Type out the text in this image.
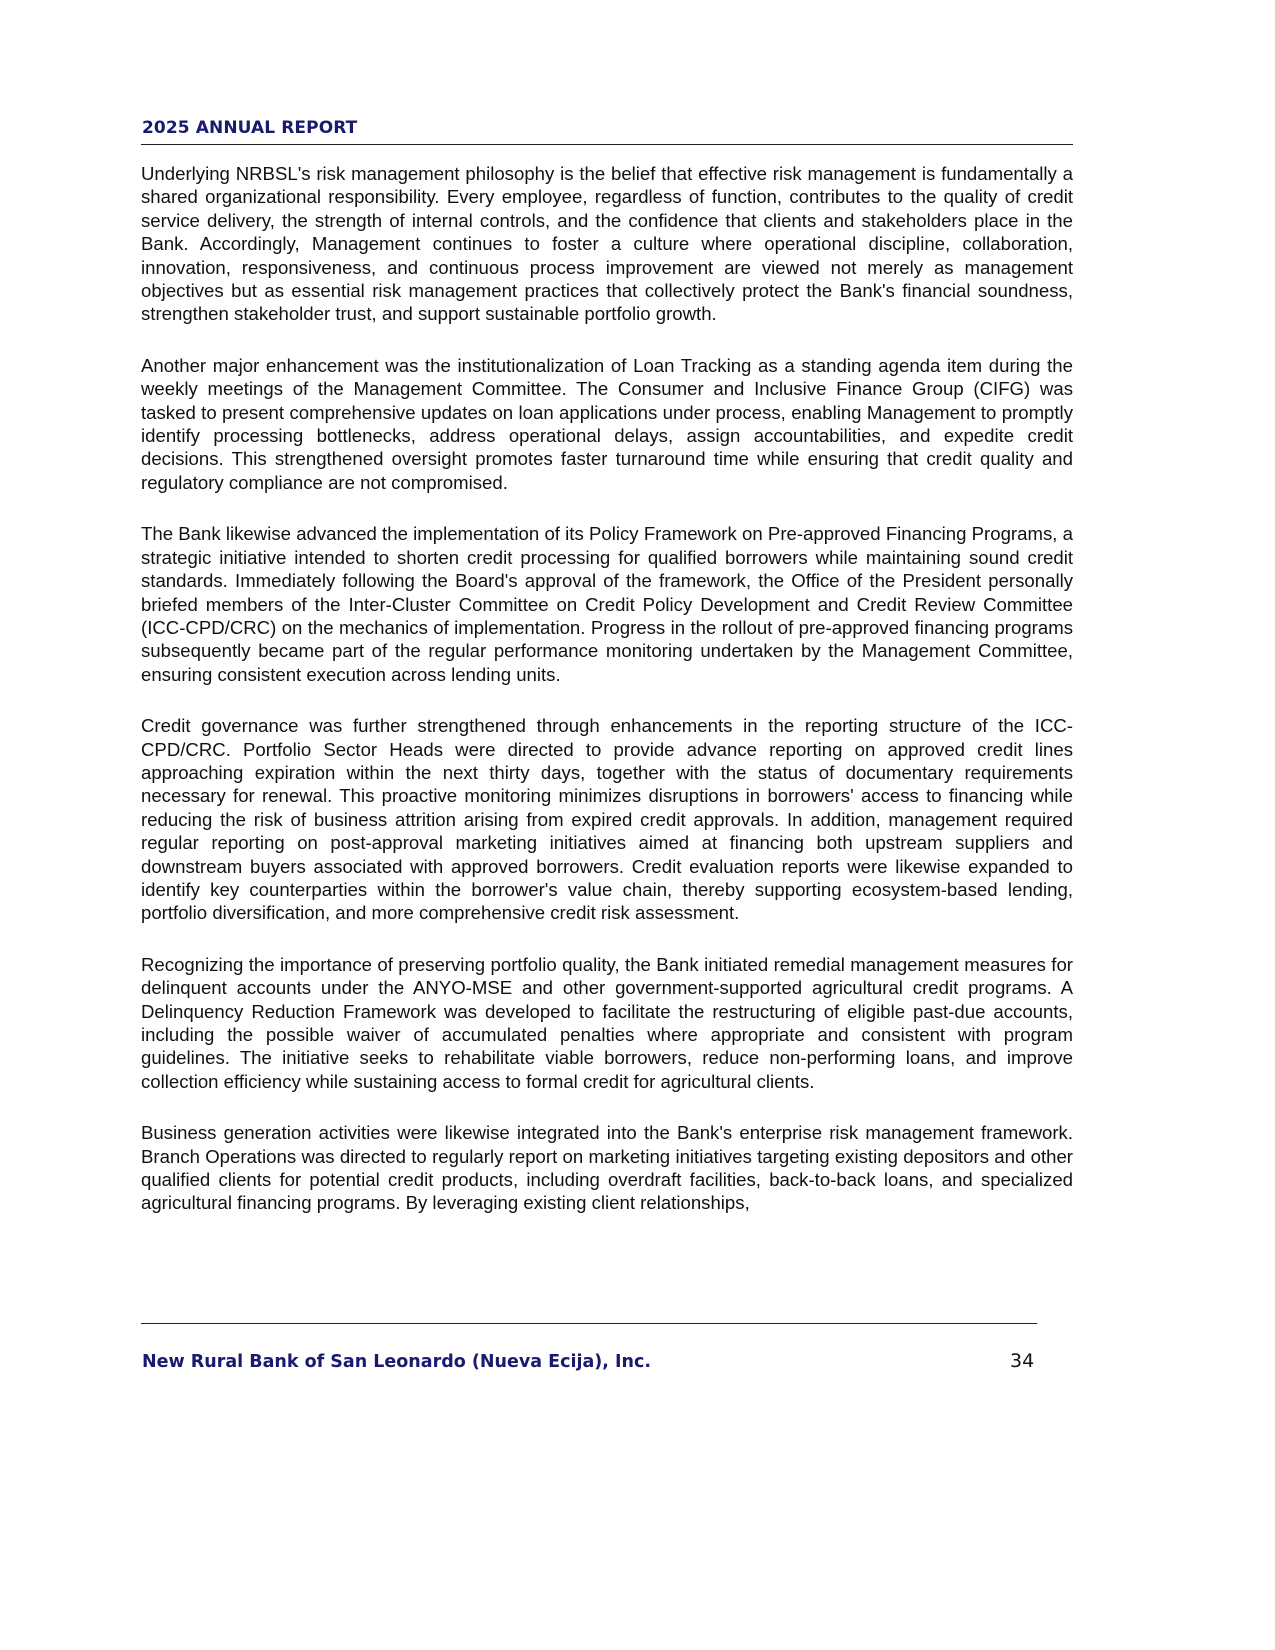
2025 ANNUAL REPORT

Underlying NRBSL's risk management philosophy is the belief that effective risk management is fundamentally a shared organizational responsibility. Every employee, regardless of function, contributes to the quality of credit service delivery, the strength of internal controls, and the confidence that clients and stakeholders place in the Bank. Accordingly, Management continues to foster a culture where operational discipline, collaboration, innovation, responsiveness, and continuous process improvement are viewed not merely as management objectives but as essential risk management practices that collectively protect the Bank's financial soundness, strengthen stakeholder trust, and support sustainable portfolio growth.

Another major enhancement was the institutionalization of Loan Tracking as a standing agenda item during the weekly meetings of the Management Committee. The Consumer and Inclusive Finance Group (CIFG) was tasked to present comprehensive updates on loan applications under process, enabling Management to promptly identify processing bottlenecks, address operational delays, assign accountabilities, and expedite credit decisions. This strengthened oversight promotes faster turnaround time while ensuring that credit quality and regulatory compliance are not compromised.

The Bank likewise advanced the implementation of its Policy Framework on Pre-approved Financing Programs, a strategic initiative intended to shorten credit processing for qualified borrowers while maintaining sound credit standards. Immediately following the Board's approval of the framework, the Office of the President personally briefed members of the Inter-Cluster Committee on Credit Policy Development and Credit Review Committee (ICC-CPD/CRC) on the mechanics of implementation. Progress in the rollout of pre-approved financing programs subsequently became part of the regular performance monitoring undertaken by the Management Committee, ensuring consistent execution across lending units.

Credit governance was further strengthened through enhancements in the reporting structure of the ICC-CPD/CRC. Portfolio Sector Heads were directed to provide advance reporting on approved credit lines approaching expiration within the next thirty days, together with the status of documentary requirements necessary for renewal. This proactive monitoring minimizes disruptions in borrowers' access to financing while reducing the risk of business attrition arising from expired credit approvals. In addition, management required regular reporting on post-approval marketing initiatives aimed at financing both upstream suppliers and downstream buyers associated with approved borrowers. Credit evaluation reports were likewise expanded to identify key counterparties within the borrower's value chain, thereby supporting ecosystem-based lending, portfolio diversification, and more comprehensive credit risk assessment.

Recognizing the importance of preserving portfolio quality, the Bank initiated remedial management measures for delinquent accounts under the ANYO-MSE and other government-supported agricultural credit programs. A Delinquency Reduction Framework was developed to facilitate the restructuring of eligible past-due accounts, including the possible waiver of accumulated penalties where appropriate and consistent with program guidelines. The initiative seeks to rehabilitate viable borrowers, reduce non-performing loans, and improve collection efficiency while sustaining access to formal credit for agricultural clients.

Business generation activities were likewise integrated into the Bank's enterprise risk management framework. Branch Operations was directed to regularly report on marketing initiatives targeting existing depositors and other qualified clients for potential credit products, including overdraft facilities, back-to-back loans, and specialized agricultural financing programs. By leveraging existing client relationships,

New Rural Bank of San Leonardo (Nueva Ecija), Inc.	34
